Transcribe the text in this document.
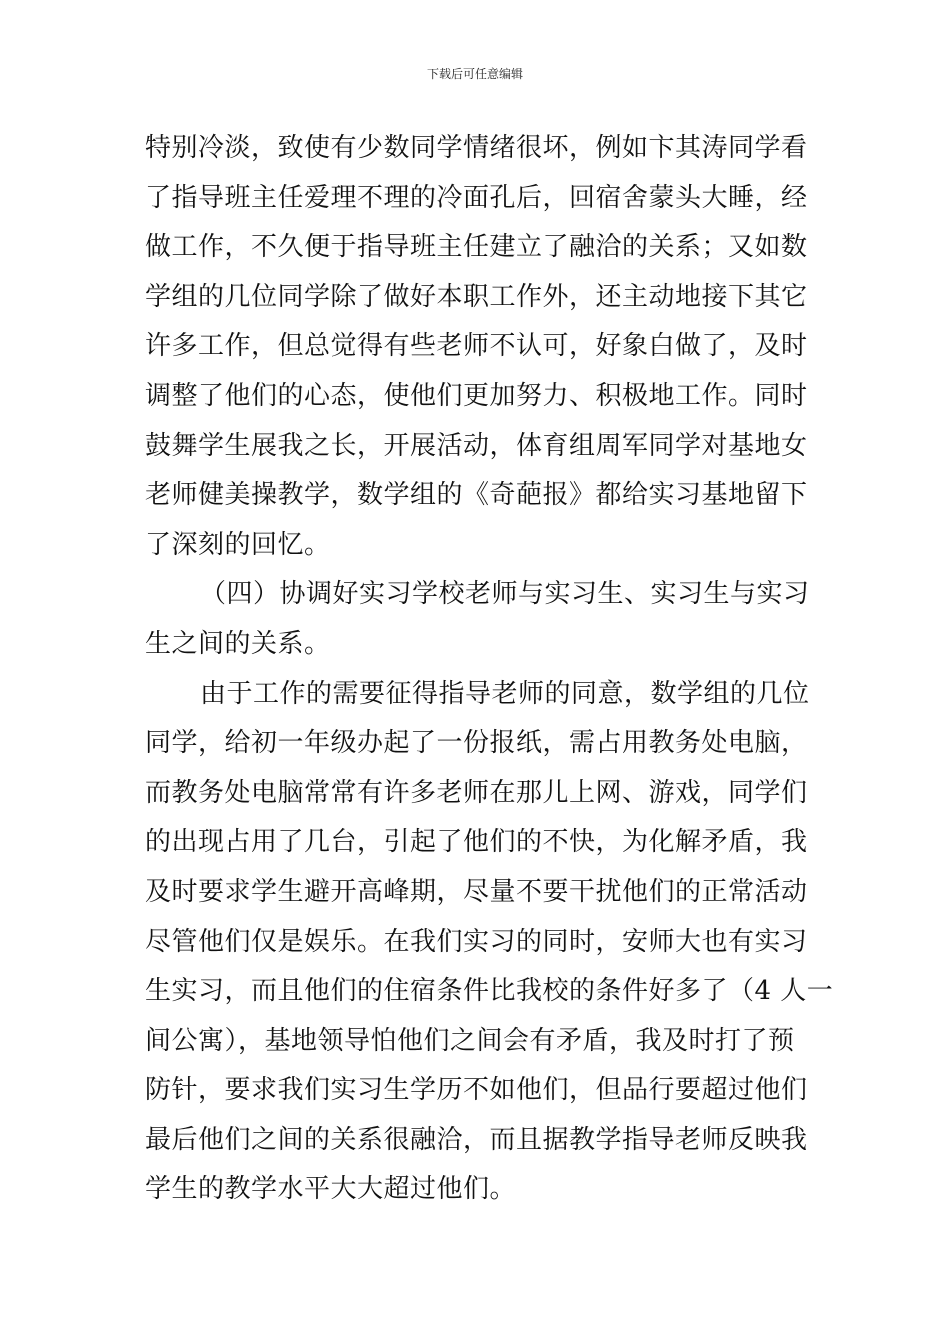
下载后可任意编辑
特别冷淡，致使有少数同学情绪很坏，例如卞其涛同学看
了指导班主任爱理不理的冷面孔后，回宿舍蒙头大睡，经
做工作，不久便于指导班主任建立了融洽的关系；又如数
学组的几位同学除了做好本职工作外，还主动地接下其它
许多工作，但总觉得有些老师不认可，好象白做了，及时
调整了他们的心态，使他们更加努力、积极地工作。同时
鼓舞学生展我之长，开展活动，体育组周军同学对基地女
老师健美操教学，数学组的《奇葩报》都给实习基地留下
了深刻的回忆。
（四）协调好实习学校老师与实习生、实习生与实习
生之间的关系。
由于工作的需要征得指导老师的同意，数学组的几位
同学，给初一年级办起了一份报纸，需占用教务处电脑，
而教务处电脑常常有许多老师在那儿上网、游戏，同学们
的出现占用了几台，引起了他们的不快，为化解矛盾，我
及时要求学生避开高峰期，尽量不要干扰他们的正常活动
尽管他们仅是娱乐。在我们实习的同时，安师大也有实习
生实习，而且他们的住宿条件比我校的条件好多了（4 人一
间公寓），基地领导怕他们之间会有矛盾，我及时打了预
防针，要求我们实习生学历不如他们，但品行要超过他们
最后他们之间的关系很融洽，而且据教学指导老师反映我
学生的教学水平大大超过他们。
